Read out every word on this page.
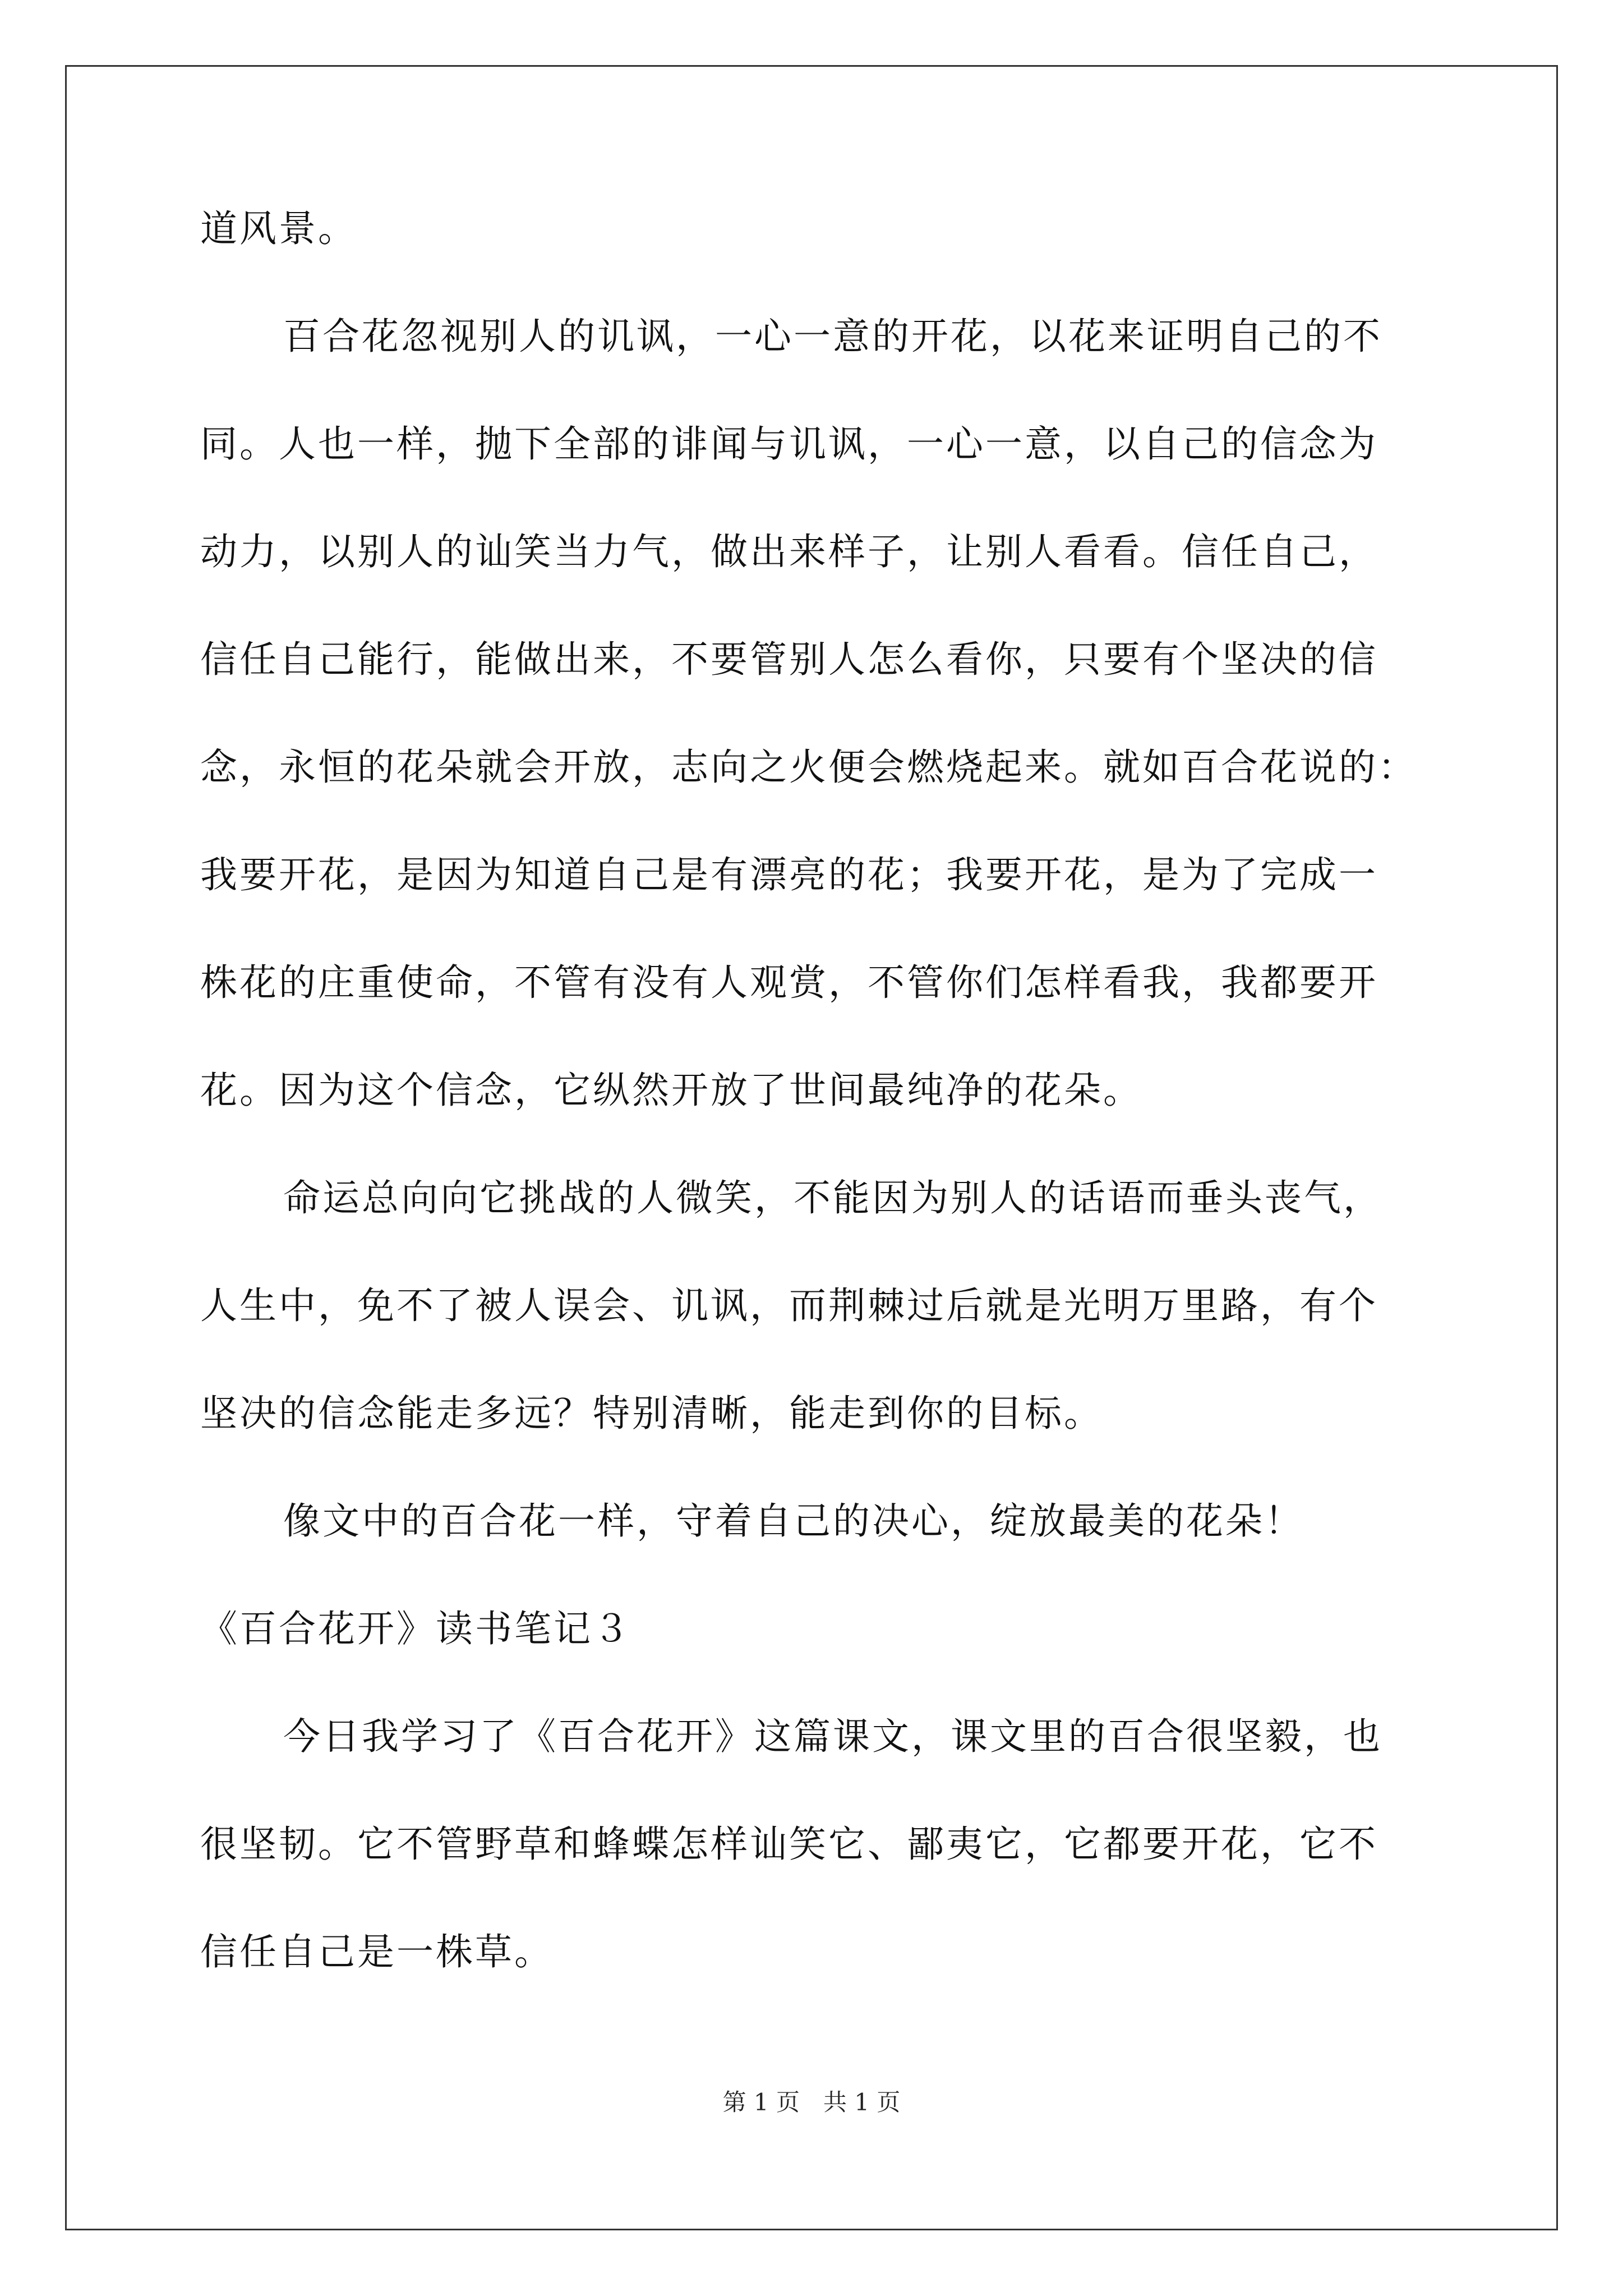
道风景。
百合花忽视别人的讥讽，一心一意的开花，以花来证明自己的不
同。人也一样，抛下全部的诽闻与讥讽，一心一意，以自己的信念为
动力，以别人的讪笑当力气，做出来样子，让别人看看。信任自己，
信任自己能行，能做出来，不要管别人怎么看你，只要有个坚决的信
念，永恒的花朵就会开放，志向之火便会燃烧起来。就如百合花说的：
我要开花，是因为知道自己是有漂亮的花；我要开花，是为了完成一
株花的庄重使命，不管有没有人观赏，不管你们怎样看我，我都要开
花。因为这个信念，它纵然开放了世间最纯净的花朵。
命运总向向它挑战的人微笑，不能因为别人的话语而垂头丧气，
人生中，免不了被人误会、讥讽，而荆棘过后就是光明万里路，有个
坚决的信念能走多远？特别清晰，能走到你的目标。
像文中的百合花一样，守着自己的决心，绽放最美的花朵！
《百合花开》读书笔记３
今日我学习了《百合花开》这篇课文，课文里的百合很坚毅，也
很坚韧。它不管野草和蜂蝶怎样讪笑它、鄙夷它，它都要开花，它不
信任自己是一株草。
第 1 页 共 1 页
